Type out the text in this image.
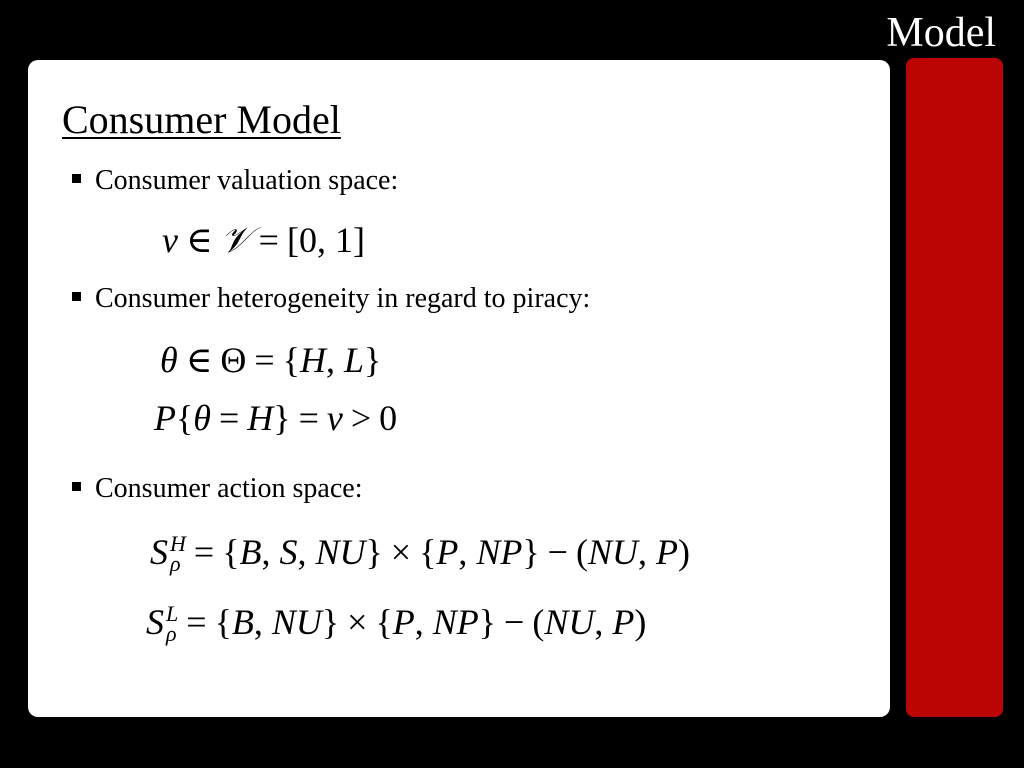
Model
Consumer Model
Consumer valuation space:
v ∈ 𝒱 = [0, 1]
Consumer heterogeneity in regard to piracy:
θ ∈ Θ = {H, L}
P{θ = H} = ν > 0
Consumer action space:
S H
ρ = {B, S, NU} × {P, NP} − (NU, P)
S L
ρ = {B, NU} × {P, NP} − (NU, P)
